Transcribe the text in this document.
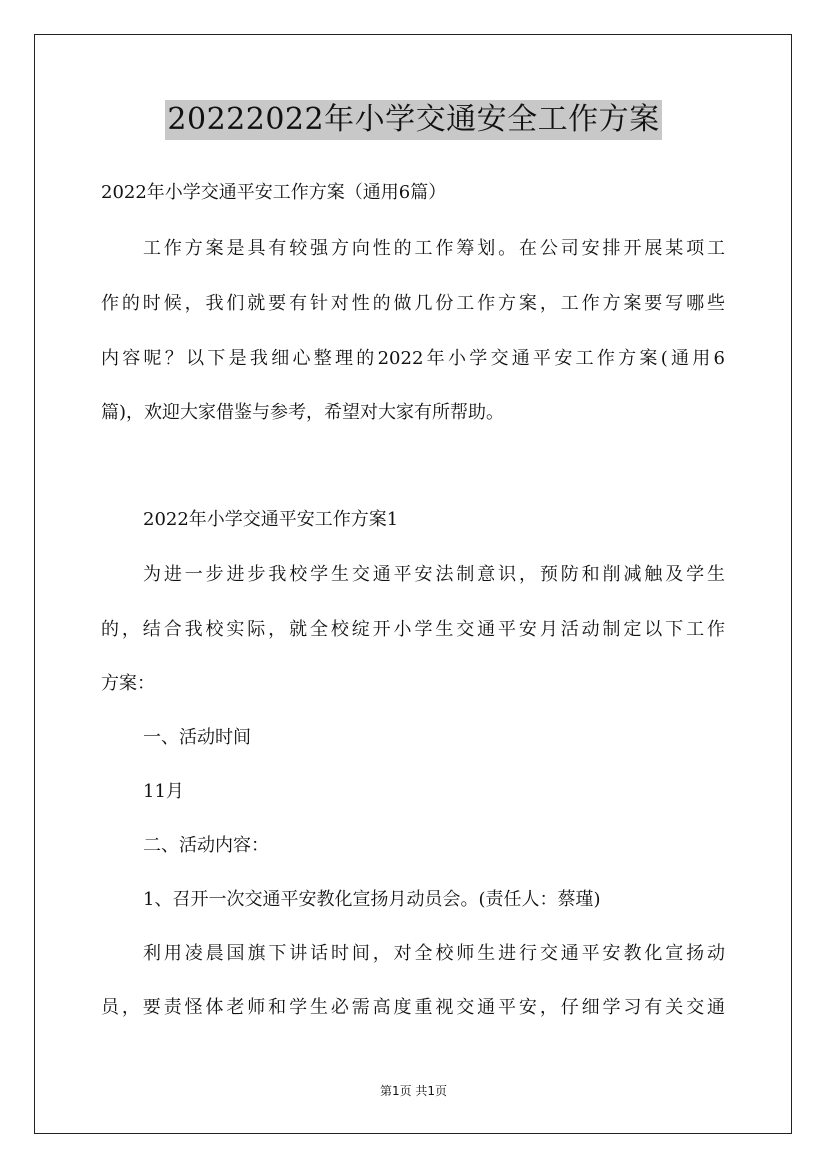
20222022年小学交通安全工作方案
2022年小学交通平安工作方案（通用6篇）
工作方案是具有较强方向性的工作筹划。在公司安排开展某项工
作的时候，我们就要有针对性的做几份工作方案，工作方案要写哪些
内容呢？以下是我细心整理的2022年小学交通平安工作方案(通用6
篇)，欢迎大家借鉴与参考，希望对大家有所帮助。
2022年小学交通平安工作方案1
为进一步进步我校学生交通平安法制意识，预防和削减触及学生
的，结合我校实际，就全校绽开小学生交通平安月活动制定以下工作
方案：
一、活动时间
11月
二、活动内容：
1、召开一次交通平安教化宣扬月动员会。(责任人：蔡瑾)
利用凌晨国旗下讲话时间，对全校师生进行交通平安教化宣扬动
员，要责怪体老师和学生必需高度重视交通平安，仔细学习有关交通
第1页 共1页
